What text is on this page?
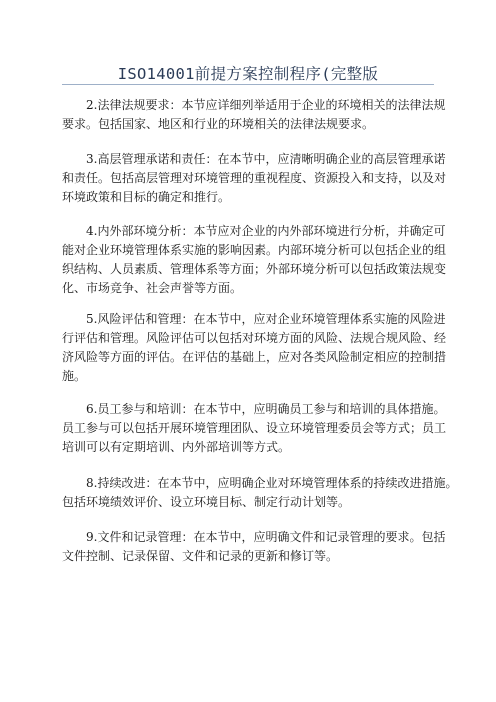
ISO14001前提方案控制程序(完整版

2.法律法规要求：本节应详细列举适用于企业的环境相关的法律法规
要求。包括国家、地区和行业的环境相关的法律法规要求。

3.高层管理承诺和责任：在本节中，应清晰明确企业的高层管理承诺
和责任。包括高层管理对环境管理的重视程度、资源投入和支持，以及对
环境政策和目标的确定和推行。

4.内外部环境分析：本节应对企业的内外部环境进行分析，并确定可
能对企业环境管理体系实施的影响因素。内部环境分析可以包括企业的组
织结构、人员素质、管理体系等方面；外部环境分析可以包括政策法规变
化、市场竞争、社会声誉等方面。

5.风险评估和管理：在本节中，应对企业环境管理体系实施的风险进
行评估和管理。风险评估可以包括对环境方面的风险、法规合规风险、经
济风险等方面的评估。在评估的基础上，应对各类风险制定相应的控制措
施。

6.员工参与和培训：在本节中，应明确员工参与和培训的具体措施。
员工参与可以包括开展环境管理团队、设立环境管理委员会等方式；员工
培训可以有定期培训、内外部培训等方式。

8.持续改进：在本节中，应明确企业对环境管理体系的持续改进措施。
包括环境绩效评价、设立环境目标、制定行动计划等。

9.文件和记录管理：在本节中，应明确文件和记录管理的要求。包括
文件控制、记录保留、文件和记录的更新和修订等。
